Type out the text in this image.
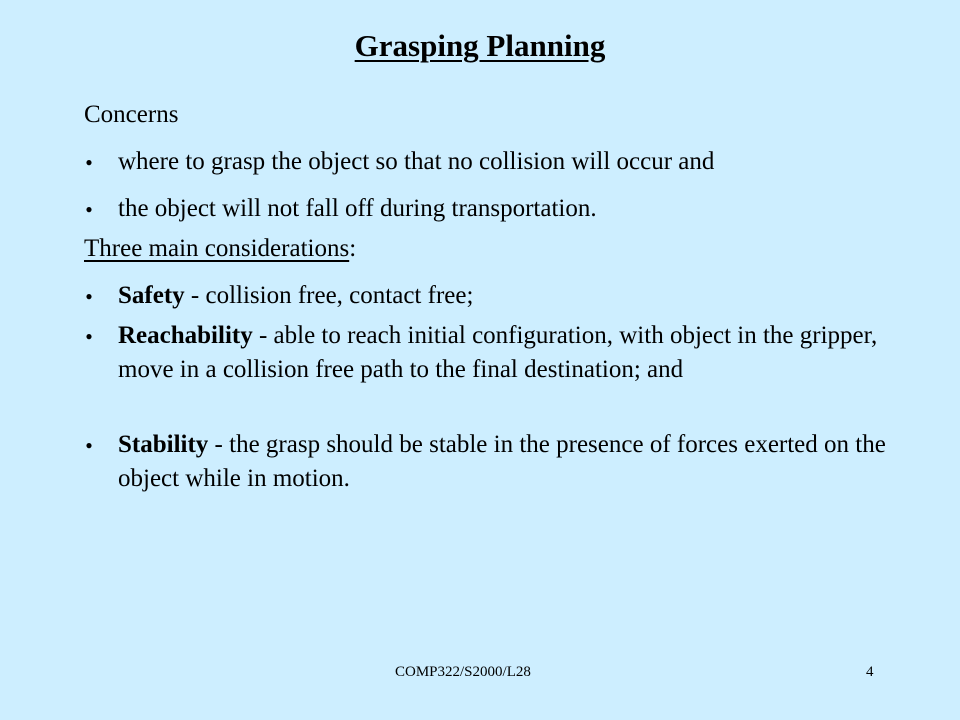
Grasping Planning

Concerns

● where to grasp the object so that no collision will occur and

● the object will not fall off during transportation.

Three main considerations:

● Safety - collision free, contact free;

● Reachability - able to reach initial configuration, with object in the gripper, move in a collision free path to the final destination; and

● Stability - the grasp should be stable in the presence of forces exerted on the object while in motion.

COMP322/S2000/L28	4
